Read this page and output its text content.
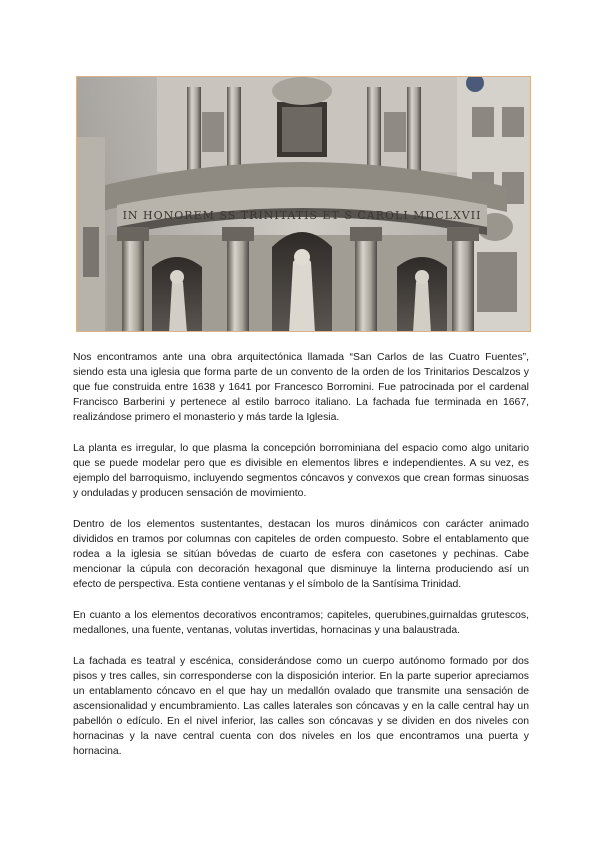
IN HONOREM SS TRINITATIS ET S CAROLI MDCLXVII

Nos encontramos ante una obra arquitectónica llamada “San Carlos de las Cuatro Fuentes”, siendo esta una iglesia que forma parte de un convento de la orden de los Trinitarios Descalzos y que fue construida entre 1638 y 1641 por Francesco Borromini. Fue patrocinada por el cardenal Francisco Barberini y pertenece al estilo barroco italiano. La fachada fue terminada en 1667, realizándose primero el monasterio y más tarde la Iglesia.

La planta es irregular, lo que plasma la concepción borrominiana del espacio como algo unitario que se puede modelar pero que es divisible en elementos libres e independientes. A su vez, es ejemplo del barroquismo, incluyendo segmentos cóncavos y convexos que crean formas sinuosas y onduladas y producen sensación de movimiento.

Dentro de los elementos sustentantes, destacan los muros dinámicos con carácter animado divididos en tramos por columnas con capiteles de orden compuesto. Sobre el entablamento que rodea a la iglesia se sitúan bóvedas de cuarto de esfera con casetones y pechinas. Cabe mencionar la cúpula con decoración hexagonal que disminuye la linterna produciendo así un efecto de perspectiva. Esta contiene ventanas y el símbolo de la Santísima Trinidad.

En cuanto a los elementos decorativos encontramos; capiteles, querubines,guirnaldas grutescos, medallones, una fuente, ventanas, volutas invertidas, hornacinas y una balaustrada.

La fachada es teatral y escénica, considerándose como un cuerpo autónomo formado por dos pisos y tres calles, sin corresponderse con la disposición interior. En la parte superior apreciamos un entablamento cóncavo en el que hay un medallón ovalado que transmite una sensación de ascensionalidad y encumbramiento. Las calles laterales son cóncavas y en la calle central hay un pabellón o edículo. En el nivel inferior, las calles son cóncavas y se dividen en dos niveles con hornacinas y la nave central cuenta con dos niveles en los que encontramos una puerta y hornacina.
